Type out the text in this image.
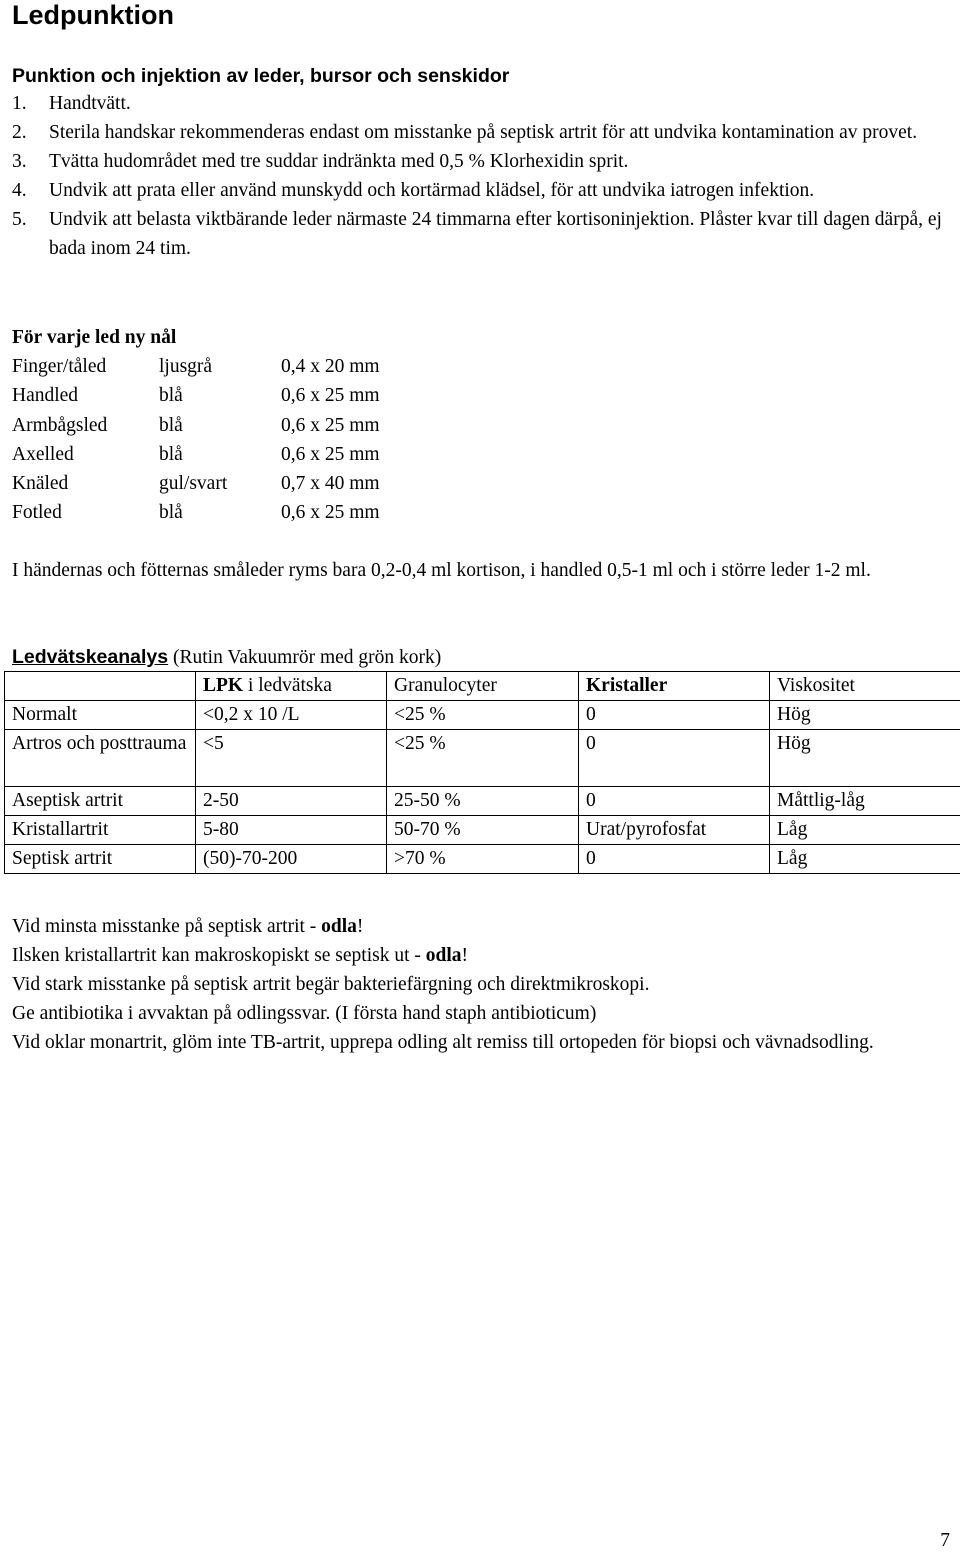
Ledpunktion
Punktion och injektion av leder, bursor och senskidor
1.	Handtvätt.
2.	Sterila handskar rekommenderas endast om misstanke på septisk artrit för att undvika kontamination av provet.
3.	Tvätta hudområdet med tre suddar indränkta med 0,5 % Klorhexidin sprit.
4.	Undvik att prata eller använd munskydd och kortärmad klädsel, för att undvika iatrogen infektion.
5.	Undvik att belasta viktbärande leder närmaste 24 timmarna efter kortisoninjektion. Plåster kvar till dagen därpå, ej bada inom 24 tim.
För varje led ny nål
Finger/tåled	ljusgrå	0,4 x 20 mm
Handled	blå	0,6 x 25 mm
Armbågsled	blå	0,6 x 25 mm
Axelled	blå	0,6 x 25 mm
Knäled	gul/svart	0,7 x 40 mm
Fotled	blå	0,6 x 25 mm
I händernas och fötternas småleder ryms bara 0,2-0,4 ml kortison, i handled 0,5-1 ml och i större leder 1-2 ml.
Ledvätskeanalys (Rutin Vakuumrör med grön kork)
	LPK i ledvätska	Granulocyter	Kristaller	Viskositet
Normalt	<0,2 x 10 /L	<25 %	0	Hög
Artros och posttrauma	<5	<25 %	0	Hög
Aseptisk artrit	2-50	25-50 %	0	Måttlig-låg
Kristallartrit	5-80	50-70 %	Urat/pyrofosfat	Låg
Septisk artrit	(50)-70-200	>70 %	0	Låg
Vid minsta misstanke på septisk artrit - odla!
Ilsken kristallartrit kan makroskopiskt se septisk ut - odla!
Vid stark misstanke på septisk artrit begär bakteriefärgning och direktmikroskopi.
Ge antibiotika i avvaktan på odlingssvar. (I första hand staph antibioticum)
Vid oklar monartrit, glöm inte TB-artrit, upprepa odling alt remiss till ortopeden för biopsi och vävnadsodling.
7
